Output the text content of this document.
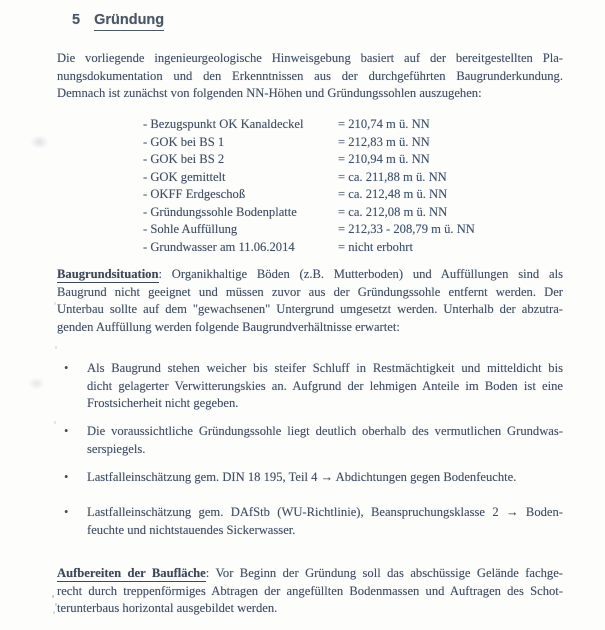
5 Gründung
Die vorliegende ingenieurgeologische Hinweisgebung basiert auf der bereitgestellten Pla-
nungsdokumentation und den Erkenntnissen aus der durchgeführten Baugrunderkundung.
Demnach ist zunächst von folgenden NN-Höhen und Gründungssohlen auszugehen:
- Bezugspunkt OK Kanaldeckel	= 210,74 m ü. NN
- GOK bei BS 1	= 212,83 m ü. NN
- GOK bei BS 2	= 210,94 m ü. NN
- GOK gemittelt	= ca. 211,88 m ü. NN
- OKFF Erdgeschoß	= ca. 212,48 m ü. NN
- Gründungssohle Bodenplatte	= ca. 212,08 m ü. NN
- Sohle Auffüllung	= 212,33 - 208,79 m ü. NN
- Grundwasser am 11.06.2014	= nicht erbohrt
Baugrundsituation: Organikhaltige Böden (z.B. Mutterboden) und Auffüllungen sind als
Baugrund nicht geeignet und müssen zuvor aus der Gründungssohle entfernt werden. Der
Unterbau sollte auf dem "gewachsenen" Untergrund umgesetzt werden. Unterhalb der abzutra-
genden Auffüllung werden folgende Baugrundverhältnisse erwartet:
•	Als Baugrund stehen weicher bis steifer Schluff in Restmächtigkeit und mitteldicht bis
dicht gelagerter Verwitterungskies an. Aufgrund der lehmigen Anteile im Boden ist eine
Frostsicherheit nicht gegeben.
•	Die voraussichtliche Gründungssohle liegt deutlich oberhalb des vermutlichen Grundwas-
serspiegels.
•	Lastfalleinschätzung gem. DIN 18 195, Teil 4 → Abdichtungen gegen Bodenfeuchte.
•	Lastfalleinschätzung gem. DAfStb (WU-Richtlinie), Beanspruchungsklasse 2 → Boden-
feuchte und nichtstauendes Sickerwasser.
Aufbereiten der Baufläche: Vor Beginn der Gründung soll das abschüssige Gelände fachge-
recht durch treppenförmiges Abtragen der angefüllten Bodenmassen und Auftragen des Schot-
terunterbaus horizontal ausgebildet werden.
